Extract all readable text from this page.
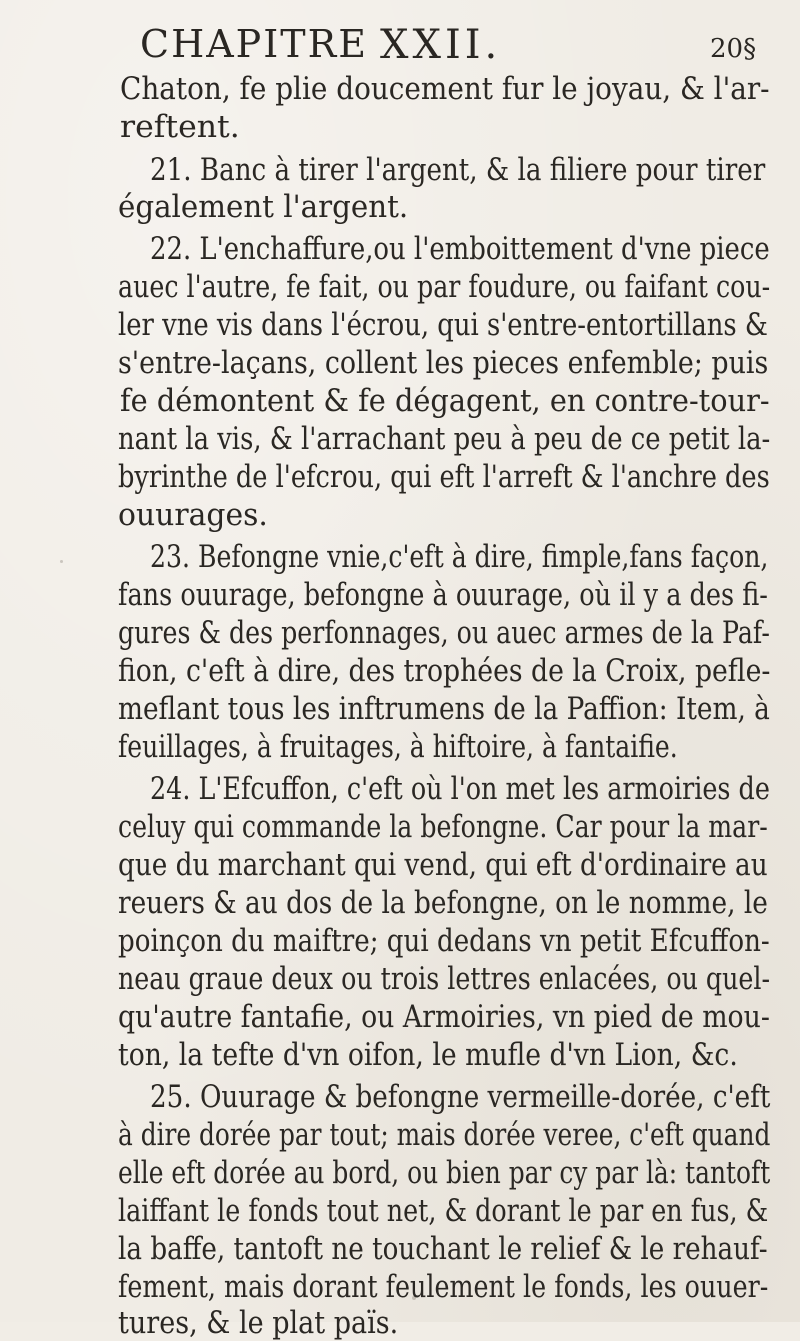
CHAPITRE XXII.	20§
Chaton, fe plie doucement fur le joyau, & l'ar-
reftent.
21. Banc à tirer l'argent, & la filiere pour tirer
également l'argent.
22. L'enchaffure,ou l'emboittement d'vne piece
auec l'autre, fe fait, ou par foudure, ou faifant cou-
ler vne vis dans l'écrou, qui s'entre-entortillans &
s'entre-laçans, collent les pieces enfemble; puis
fe démontent & fe dégagent, en contre-tour-
nant la vis, & l'arrachant peu à peu de ce petit la-
byrinthe de l'efcrou, qui eft l'arreft & l'anchre des
ouurages.
23. Befongne vnie,c'eft à dire, fimple,fans façon,
fans ouurage, befongne à ouurage, où il y a des fi-
gures & des perfonnages, ou auec armes de la Paf-
fion, c'eft à dire, des trophées de la Croix, pefle-
meflant tous les inftrumens de la Paffion: Item, à
feuillages, à fruitages, à hiftoire, à fantaifie.
24. L'Efcuffon, c'eft où l'on met les armoiries de
celuy qui commande la befongne. Car pour la mar-
que du marchant qui vend, qui eft d'ordinaire au
reuers & au dos de la befongne, on le nomme, le
poinçon du maiftre; qui dedans vn petit Efcuffon-
neau graue deux ou trois lettres enlacées, ou quel-
qu'autre fantafie, ou Armoiries, vn pied de mou-
ton, la tefte d'vn oifon, le mufle d'vn Lion, &c.
25. Ouurage & befongne vermeille-dorée, c'eft
à dire dorée par tout; mais dorée veree, c'eft quand
elle eft dorée au bord, ou bien par cy par là: tantoft
laiffant le fonds tout net, & dorant le par en fus, &
la baffe, tantoft ne touchant le relief & le rehauf-
fement, mais dorant feulement le fonds, les ouuer-
tures, & le plat païs.
